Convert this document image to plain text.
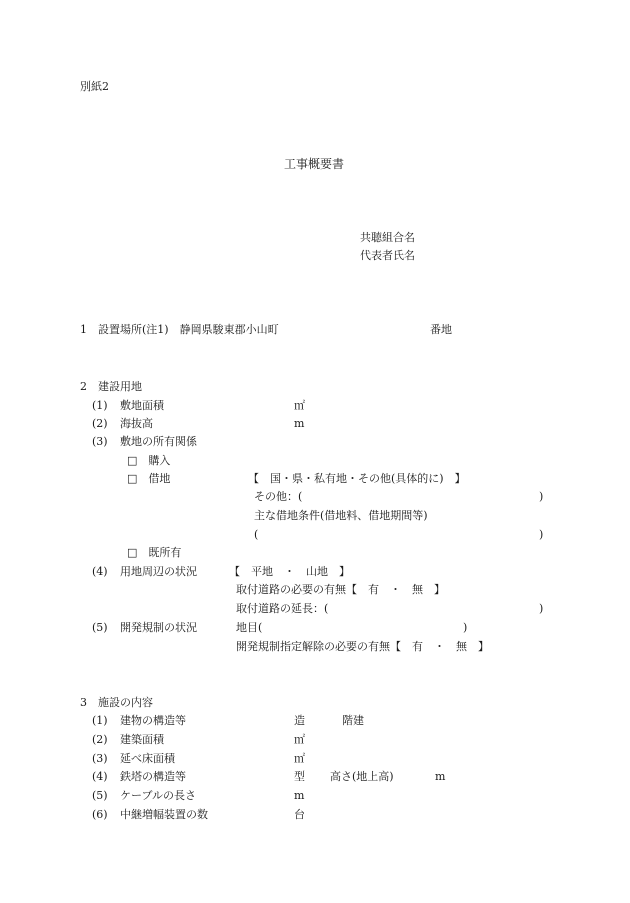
別紙2
工事概要書
共聴組合名
代表者氏名
1　設置場所(注1)　静岡県駿東郡小山町	番地
2　建設用地
(1) 敷地面積	㎡
(2) 海抜高	m
(3) 敷地の所有関係
□　購入
□　借地	【　国・県・私有地・その他(具体的に)　】
その他：(	)
主な借地条件(借地料、借地期間等)
(	)
□　既所有
(4) 用地周辺の状況	【　平地　・　山地　】
取付道路の必要の有無【　有　・　無　】
取付道路の延長：(	)
(5) 開発規制の状況	地目(	)
開発規制指定解除の必要の有無【　有　・　無　】
3　施設の内容
(1) 建物の構造等	造	階建
(2) 建築面積	㎡
(3) 延べ床面積	㎡
(4) 鉄塔の構造等	型 高さ(地上高)	m
(5) ケーブルの長さ	m
(6) 中継増幅装置の数	台
